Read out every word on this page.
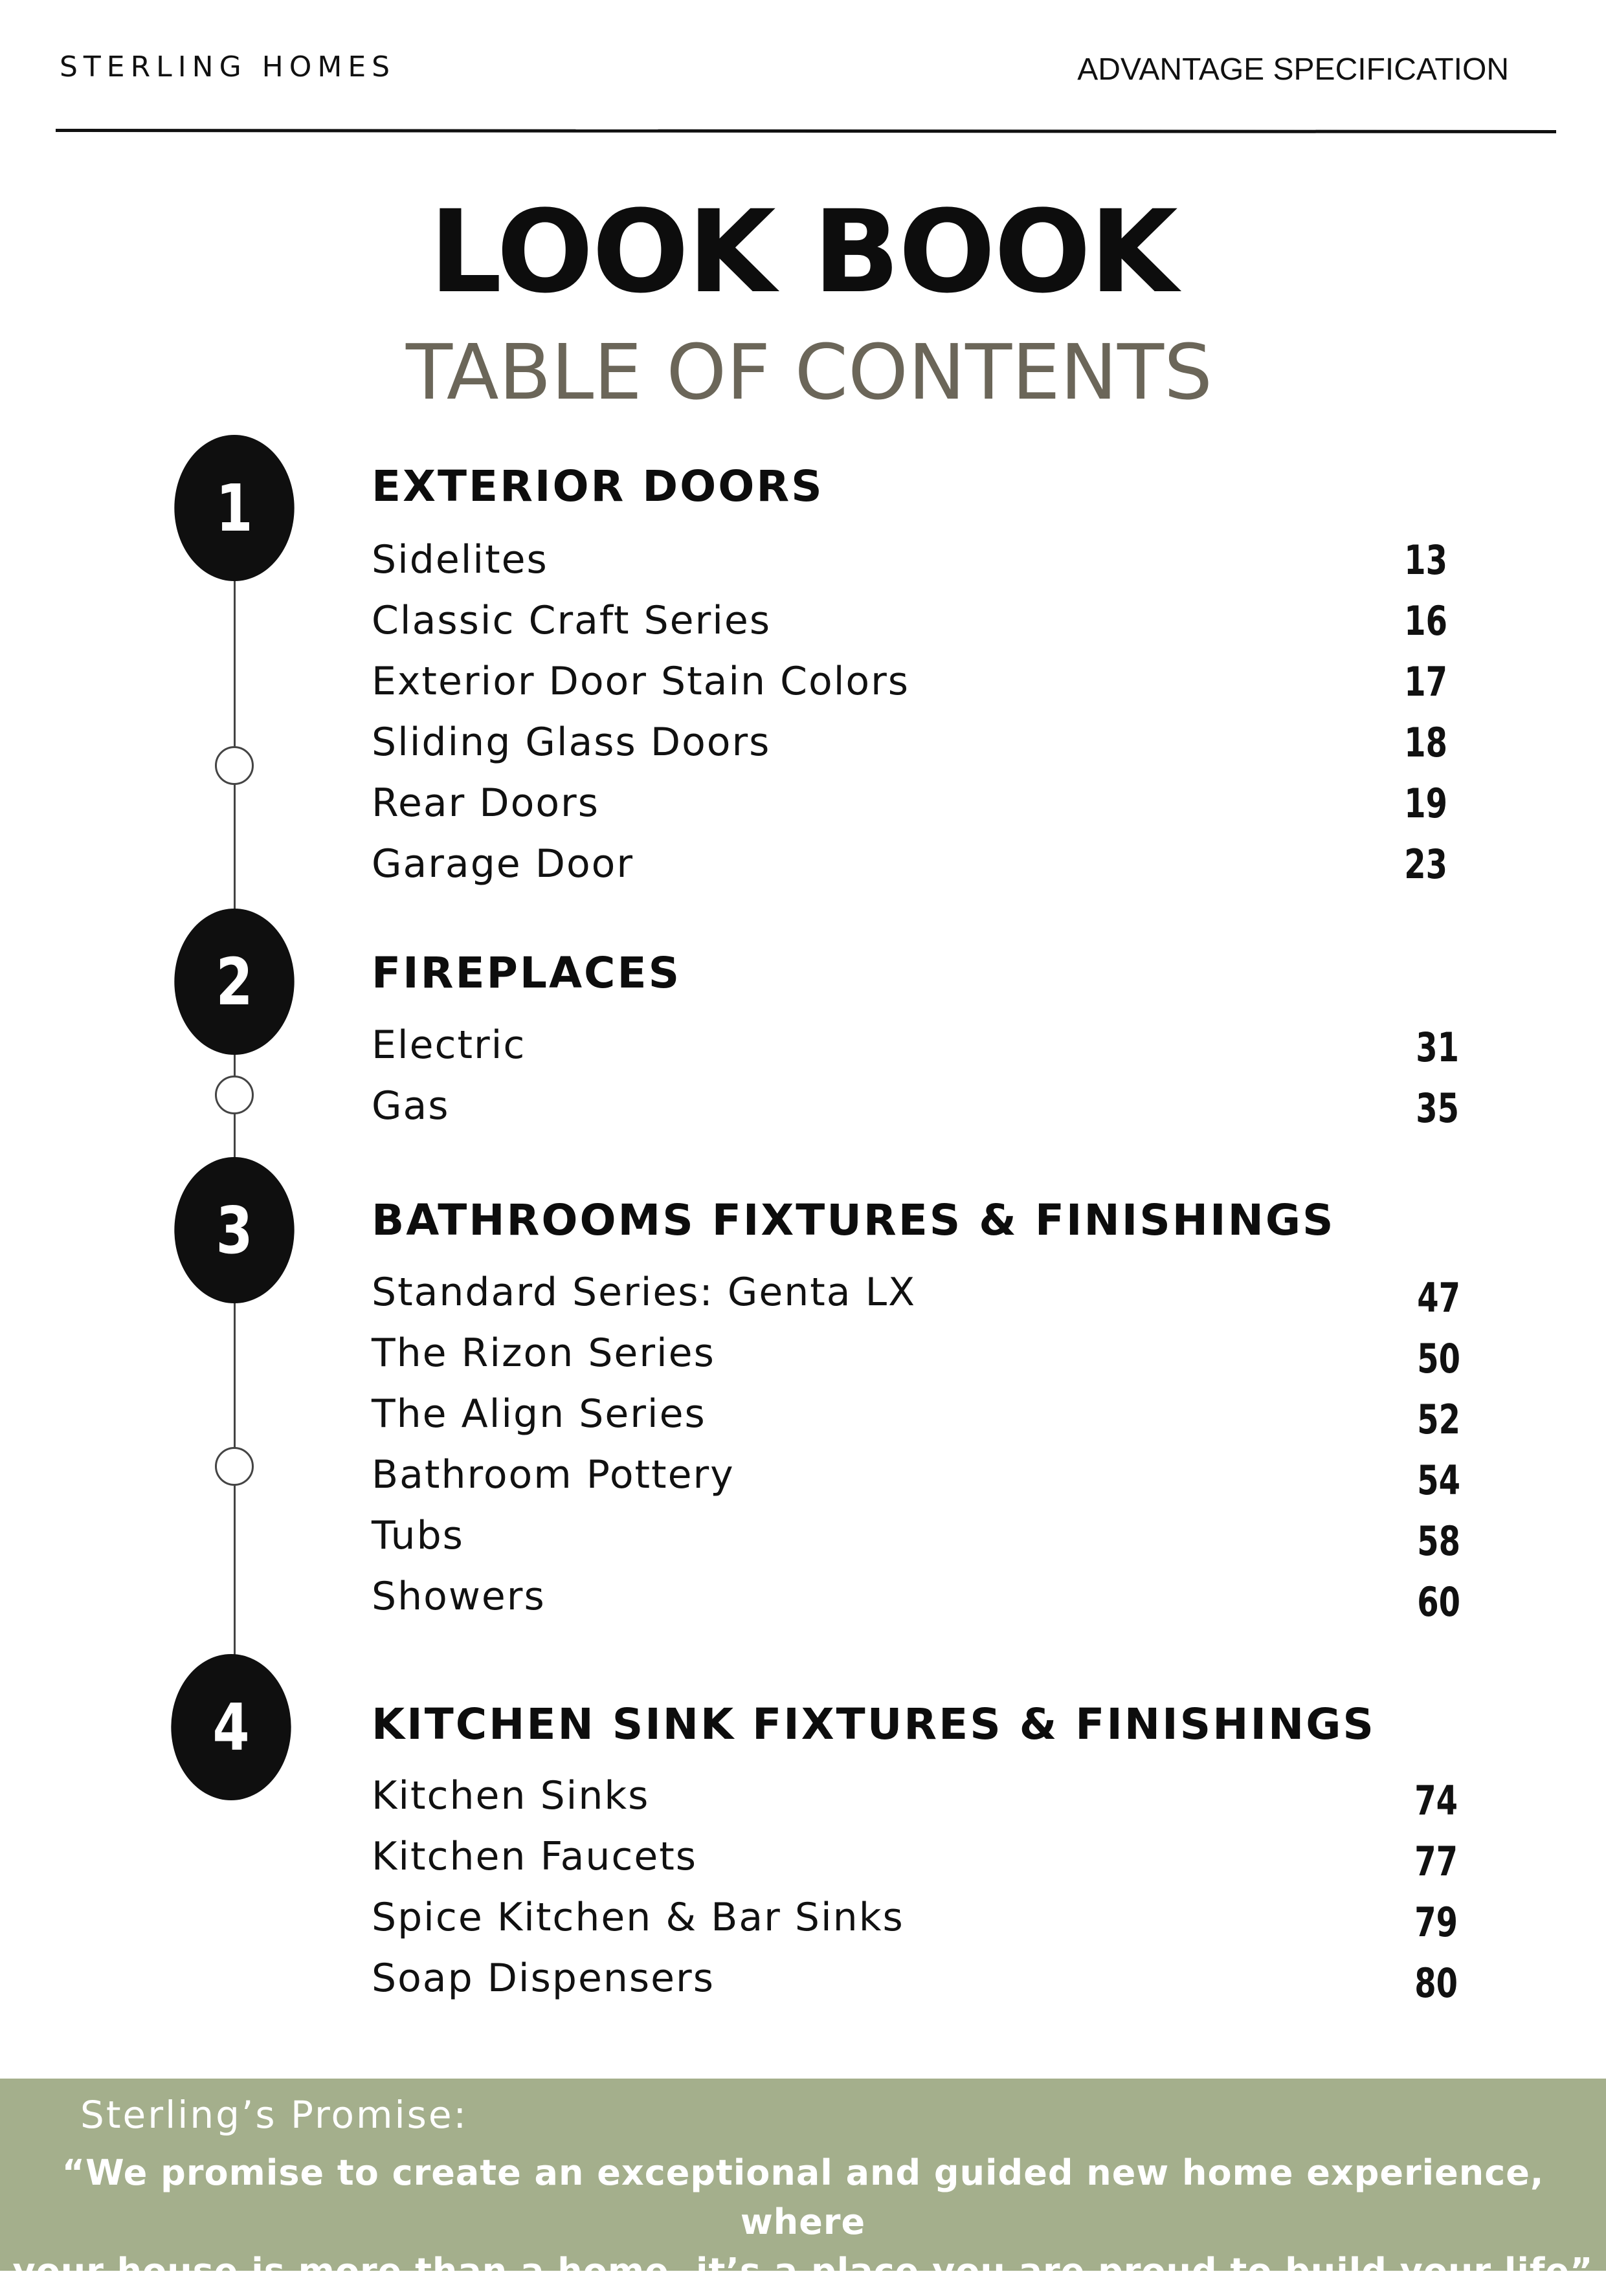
STERLING HOMES	ADVANTAGE SPECIFICATION
LOOK BOOK
TABLE OF CONTENTS
1	EXTERIOR DOORS
Sidelites	13
Classic Craft Series	16
Exterior Door Stain Colors	17
Sliding Glass Doors	18
Rear Doors	19
Garage Door	23
2	FIREPLACES
Electric	31
Gas	35
3	BATHROOMS FIXTURES & FINISHINGS
Standard Series: Genta LX	47
The Rizon Series	50
The Align Series	52
Bathroom Pottery	54
Tubs	58
Showers	60
4	KITCHEN SINK FIXTURES & FINISHINGS
Kitchen Sinks	74
Kitchen Faucets	77
Spice Kitchen & Bar Sinks	79
Soap Dispensers	80
Sterling’s Promise:
“We promise to create an exceptional and guided new home experience, where
your house is more than a home, it’s a place you are proud to build your life”
